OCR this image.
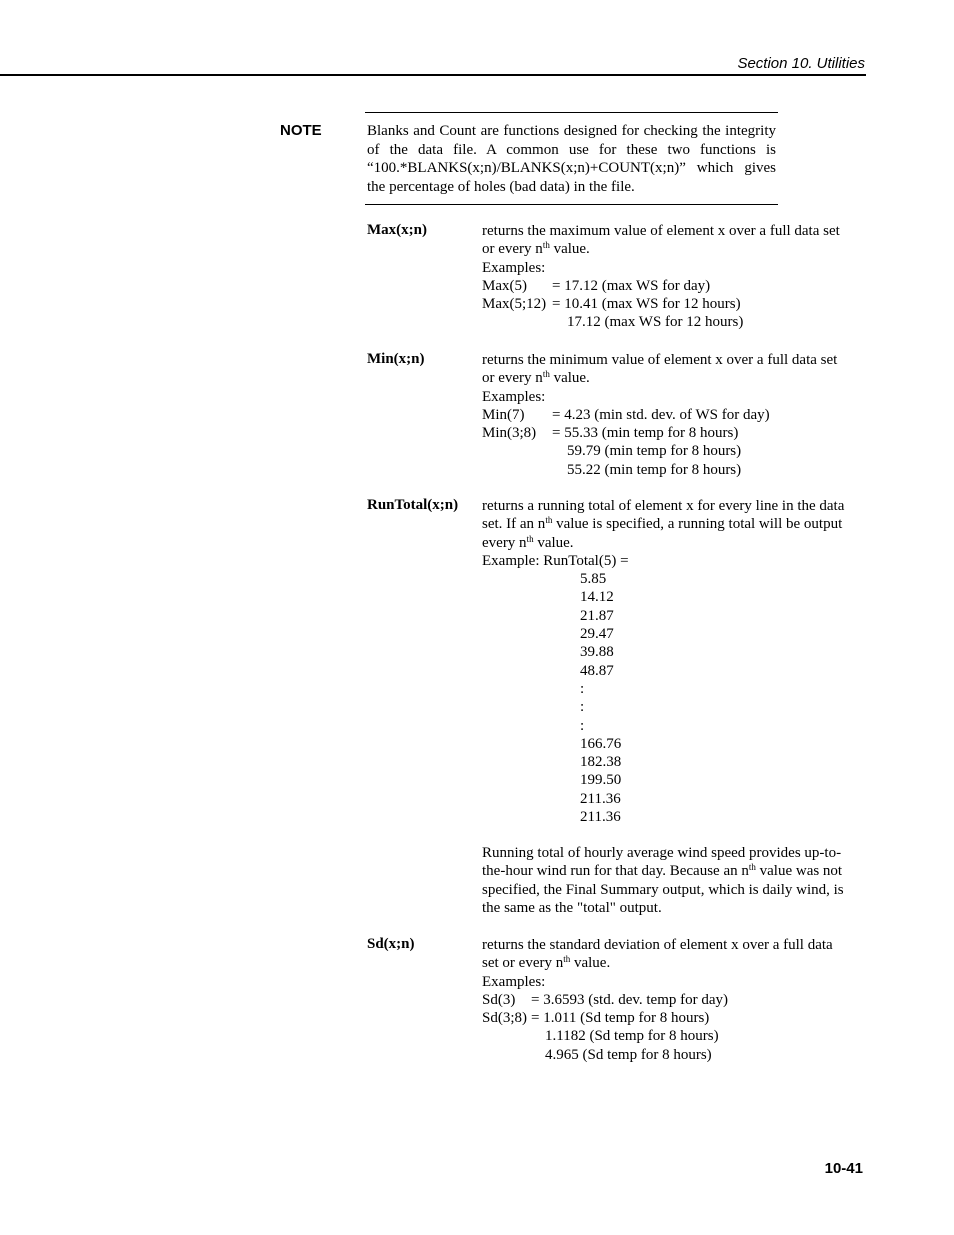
Section 10. Utilities
NOTE	Blanks and Count are functions designed for checking the integrity of the data file. A common use for these two functions is “100.*BLANKS(x;n)/BLANKS(x;n)+COUNT(x;n)” which gives the percentage of holes (bad data) in the file.
Max(x;n)	returns the maximum value of element x over a full data set
or every $n^{th}$ value.
Examples:
Max(5) = 17.12 (max WS for day)
Max(5;12) = 10.41 (max WS for 12 hours)
17.12 (max WS for 12 hours)
Min(x;n)	returns the minimum value of element x over a full data set
or every $n^{th}$ value.
Examples:
Min(7) = 4.23 (min std. dev. of WS for day)
Min(3;8) = 55.33 (min temp for 8 hours)
59.79 (min temp for 8 hours)
55.22 (min temp for 8 hours)
RunTotal(x;n) returns a running total of element x for every line in the data
set. If an $n^{th}$ value is specified, a running total will be output
every $n^{th}$ value.
Example: RunTotal(5) =
5.85
14.12
21.87
29.47
39.88
48.87
:
:
:
166.76
182.38
199.50
211.36
211.36
Running total of hourly average wind speed provides up-to-
the-hour wind run for that day. Because an $n^{th}$ value was not
specified, the Final Summary output, which is daily wind, is
the same as the "total" output.
Sd(x;n)	returns the standard deviation of element x over a full data
set or every $n^{th}$ value.
Examples:
Sd(3) = 3.6593 (std. dev. temp for day)
Sd(3;8) = 1.011 (Sd temp for 8 hours)
1.1182 (Sd temp for 8 hours)
4.965 (Sd temp for 8 hours)
10-41
